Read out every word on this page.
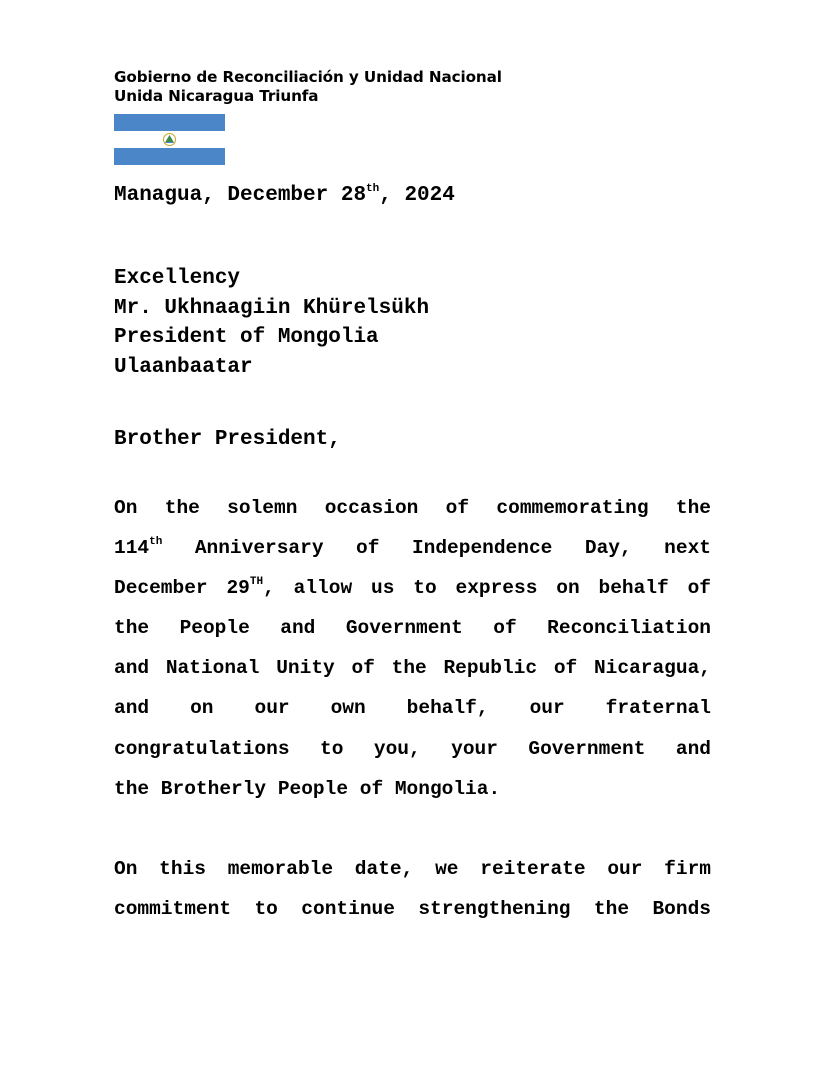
Gobierno de Reconciliación y Unidad Nacional
Unida Nicaragua Triunfa
Managua, December 28th, 2024
Excellency
Mr. Ukhnaagiin Khürelsükh
President of Mongolia
Ulaanbaatar
Brother President,
On the solemn occasion of commemorating the
114th Anniversary of Independence Day, next
December 29TH, allow us to express on behalf of
the People and Government of Reconciliation
and National Unity of the Republic of Nicaragua,
and on our own behalf, our fraternal
congratulations to you, your Government and
the Brotherly People of Mongolia.
On this memorable date, we reiterate our firm
commitment to continue strengthening the Bonds
